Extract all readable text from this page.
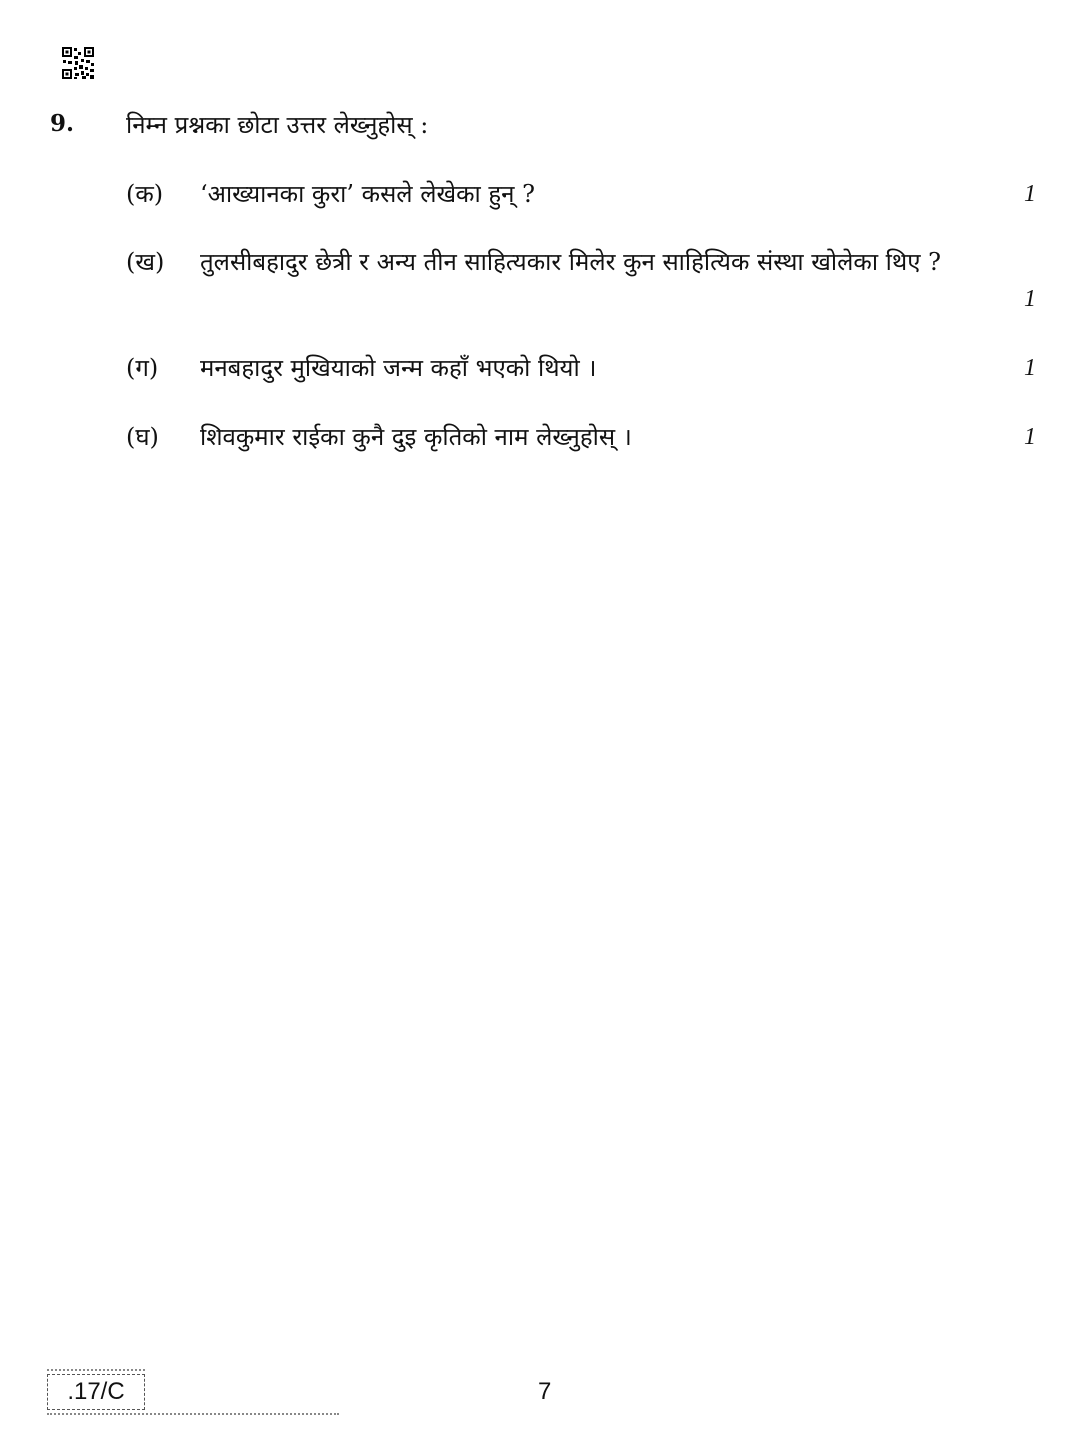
9. निम्न प्रश्नका छोटा उत्तर लेख्नुहोस् :
(क) ‘आख्यानका कुरा’ कसले लेखेका हुन् ?	1
(ख) तुलसीबहादुर छेत्री र अन्य तीन साहित्यकार मिलेर कुन साहित्यिक संस्था खोलेका थिए ?
1
(ग) मनबहादुर मुखियाको जन्म कहाँ भएको थियो ।	1
(घ) शिवकुमार राईका कुनै दुइ कृतिको नाम लेख्नुहोस् ।	1
.17/C	7
